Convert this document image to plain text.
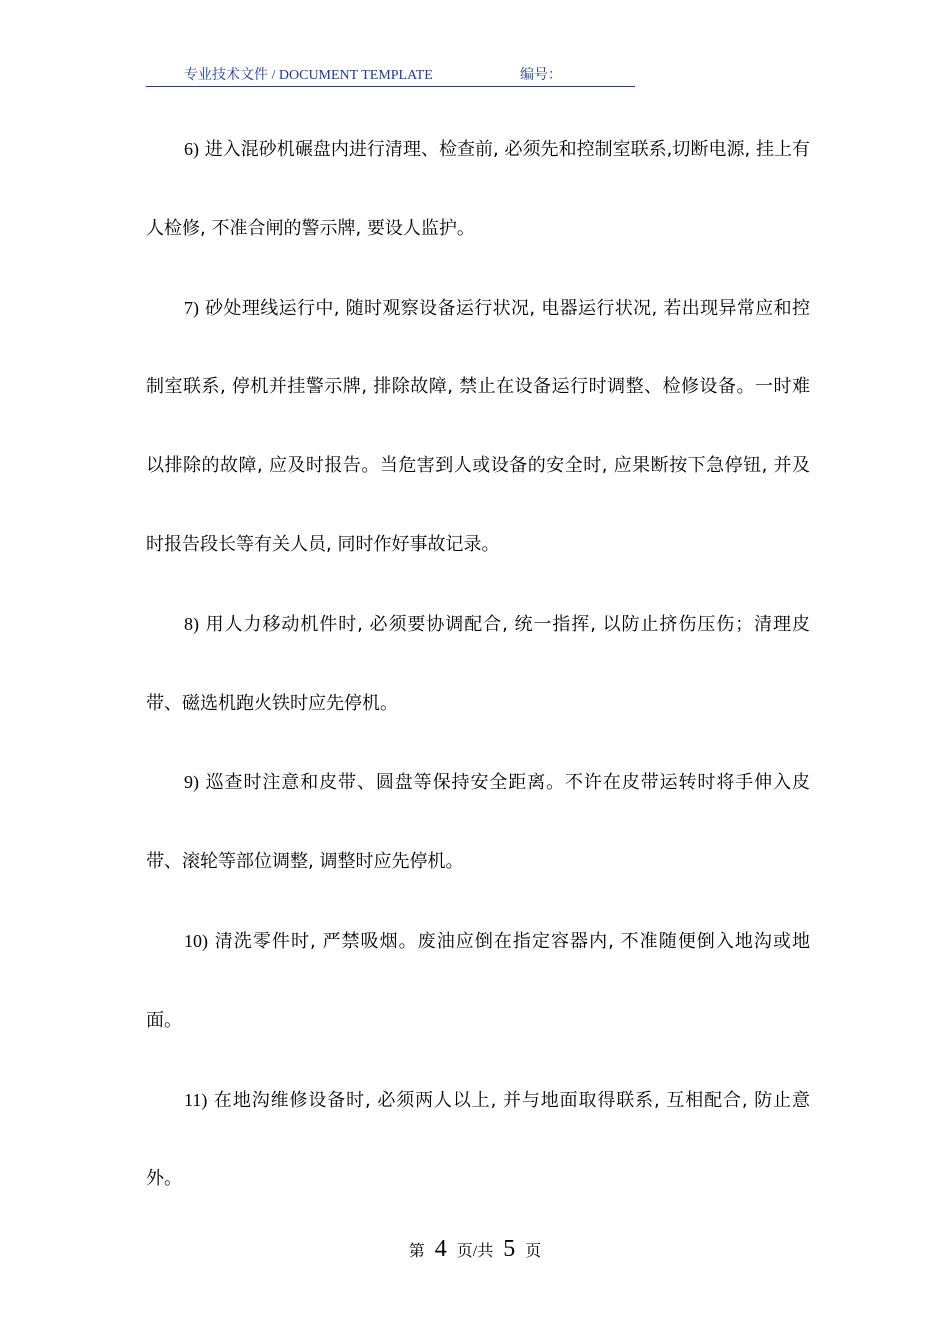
专业技术文件 / DOCUMENT TEMPLATE	编号：

6) 进入混砂机碾盘内进行清理、检查前, 必须先和控制室联系,切断电源, 挂上有人检修, 不准合闸的警示牌, 要设人监护。

7) 砂处理线运行中, 随时观察设备运行状况, 电器运行状况, 若出现异常应和控制室联系, 停机并挂警示牌, 排除故障, 禁止在设备运行时调整、检修设备。一时难以排除的故障, 应及时报告。当危害到人或设备的安全时, 应果断按下急停钮, 并及时报告段长等有关人员, 同时作好事故记录。

8) 用人力移动机件时, 必须要协调配合, 统一指挥, 以防止挤伤压伤；清理皮带、磁选机跑火铁时应先停机。

9) 巡查时注意和皮带、圆盘等保持安全距离。不许在皮带运转时将手伸入皮带、滚轮等部位调整, 调整时应先停机。

10) 清洗零件时, 严禁吸烟。废油应倒在指定容器内, 不准随便倒入地沟或地面。

11) 在地沟维修设备时, 必须两人以上, 并与地面取得联系, 互相配合, 防止意外。

第 4 页/共 5 页
